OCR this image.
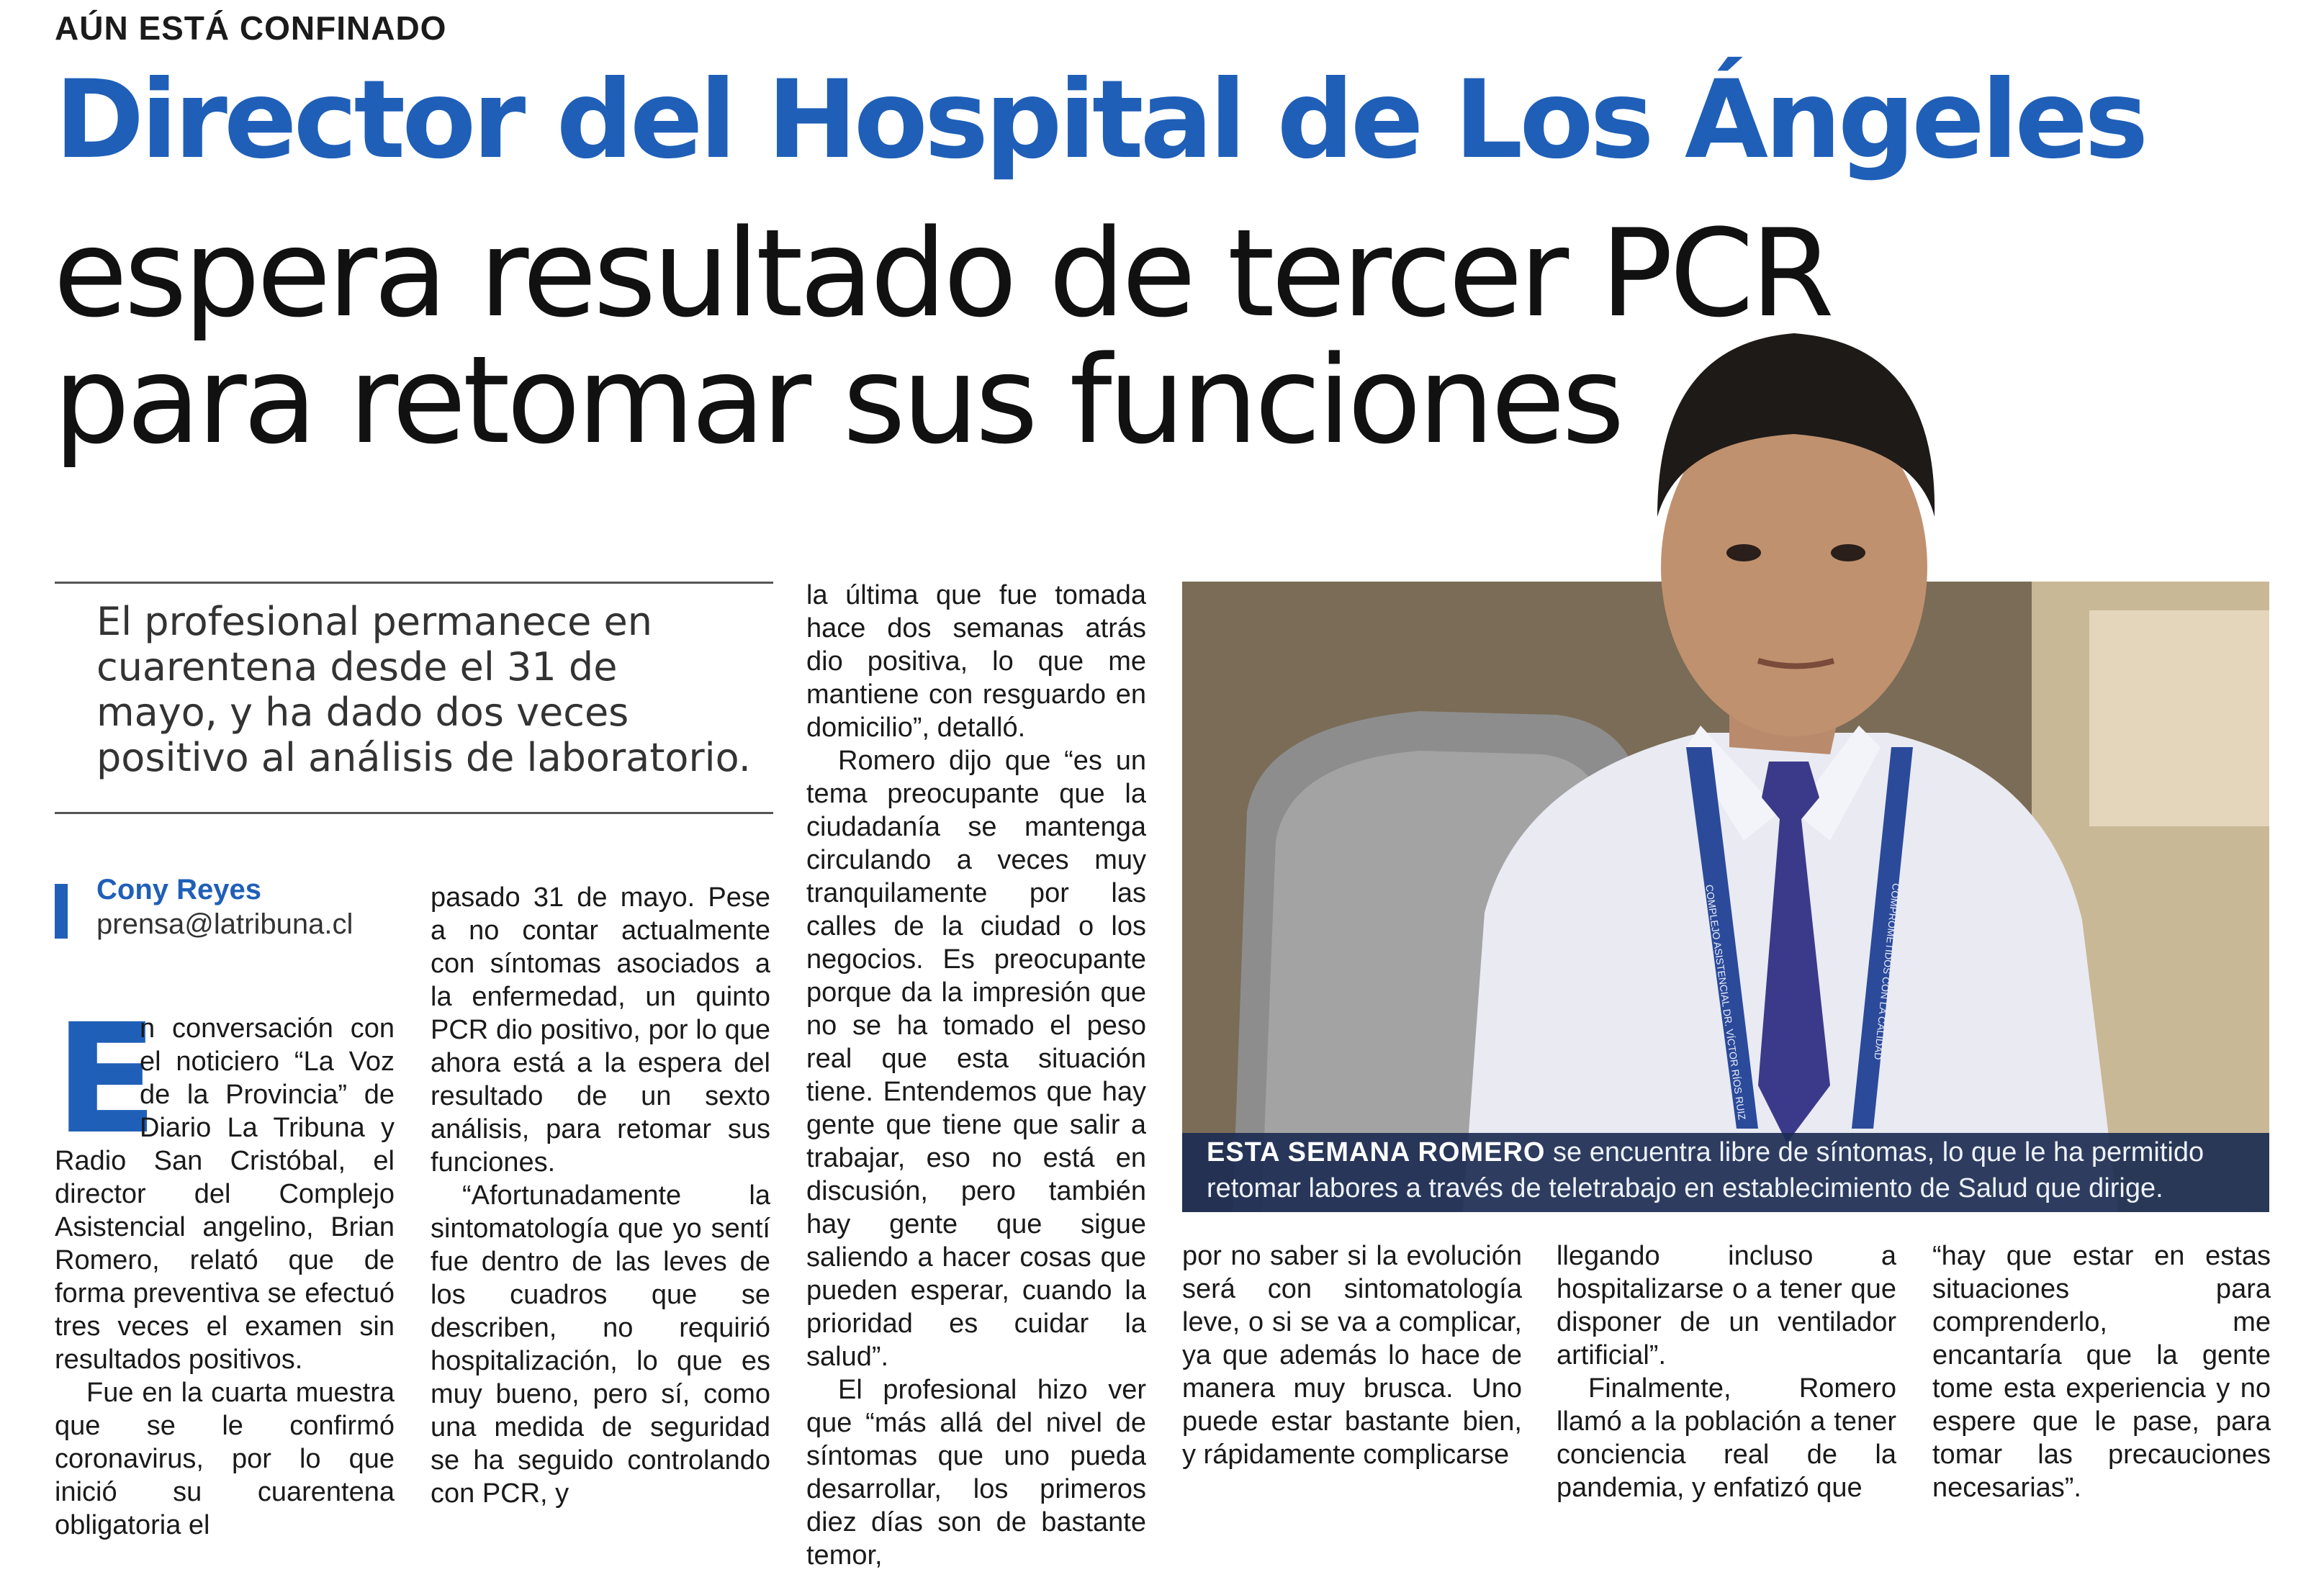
AÚN ESTÁ CONFINADO
Director del Hospital de Los Ángeles
espera resultado de tercer PCR
para retomar sus funciones
El profesional permanece en
cuarentena desde el 31 de
mayo, y ha dado dos veces
positivo al análisis de laboratorio.
Cony Reyes
prensa@latribuna.cl
E

n conversación con el noticiero “La Voz de la Provincia” de Diario La Tribuna y Radio San Cristóbal, el director del Complejo Asistencial angelino, Brian Romero, relató que de forma preventiva se efectuó tres veces el examen sin resultados positivos.

Fue en la cuarta muestra que se le confirmó coronavirus, por lo que inició su cuarentena obligatoria el

pasado 31 de mayo. Pese a no contar actualmente con síntomas asociados a la enfermedad, un quinto PCR dio positivo, por lo que ahora está a la espera del resultado de un sexto análisis, para retomar sus funciones.

“Afortunadamente la sintomatología que yo sentí fue dentro de las leves de los cuadros que se describen, no requirió hospitalización, lo que es muy bueno, pero sí, como una medida de seguridad se ha seguido controlando con PCR, y

la última que fue tomada hace dos semanas atrás dio positiva, lo que me mantiene con resguardo en domicilio”, detalló.

Romero dijo que “es un tema preocupante que la ciudadanía se mantenga circulando a veces muy tranquilamente por las calles de la ciudad o los negocios. Es preocupante porque da la impresión que no se ha tomado el peso real que esta situación tiene. Entendemos que hay gente que tiene que salir a trabajar, eso no está en discusión, pero también hay gente que sigue saliendo a hacer cosas que pueden esperar, cuando la prioridad es cuidar la salud”.

El profesional hizo ver que “más allá del nivel de síntomas que uno pueda desarrollar, los primeros diez días son de bastante temor,

COMPLEJO ASISTENCIAL DR. VÍCTOR RÍOS RUIZ	COMPROMETIDOS CON LA CALIDAD
ESTA SEMANA ROMERO se encuentra libre de síntomas, lo que le ha permitido retomar labores a través de teletrabajo en establecimiento de Salud que dirige.

por no saber si la evolución será con sintomatología leve, o si se va a complicar, ya que además lo hace de manera muy brusca. Uno puede estar bastante bien, y rápidamente complicarse

llegando incluso a hospitalizarse o a tener que disponer de un ventilador artificial”.

Finalmente, Romero llamó a la población a tener conciencia real de la pandemia, y enfatizó que

“hay que estar en estas situaciones para comprenderlo, me encantaría que la gente tome esta experiencia y no espere que le pase, para tomar las precauciones necesarias”.
